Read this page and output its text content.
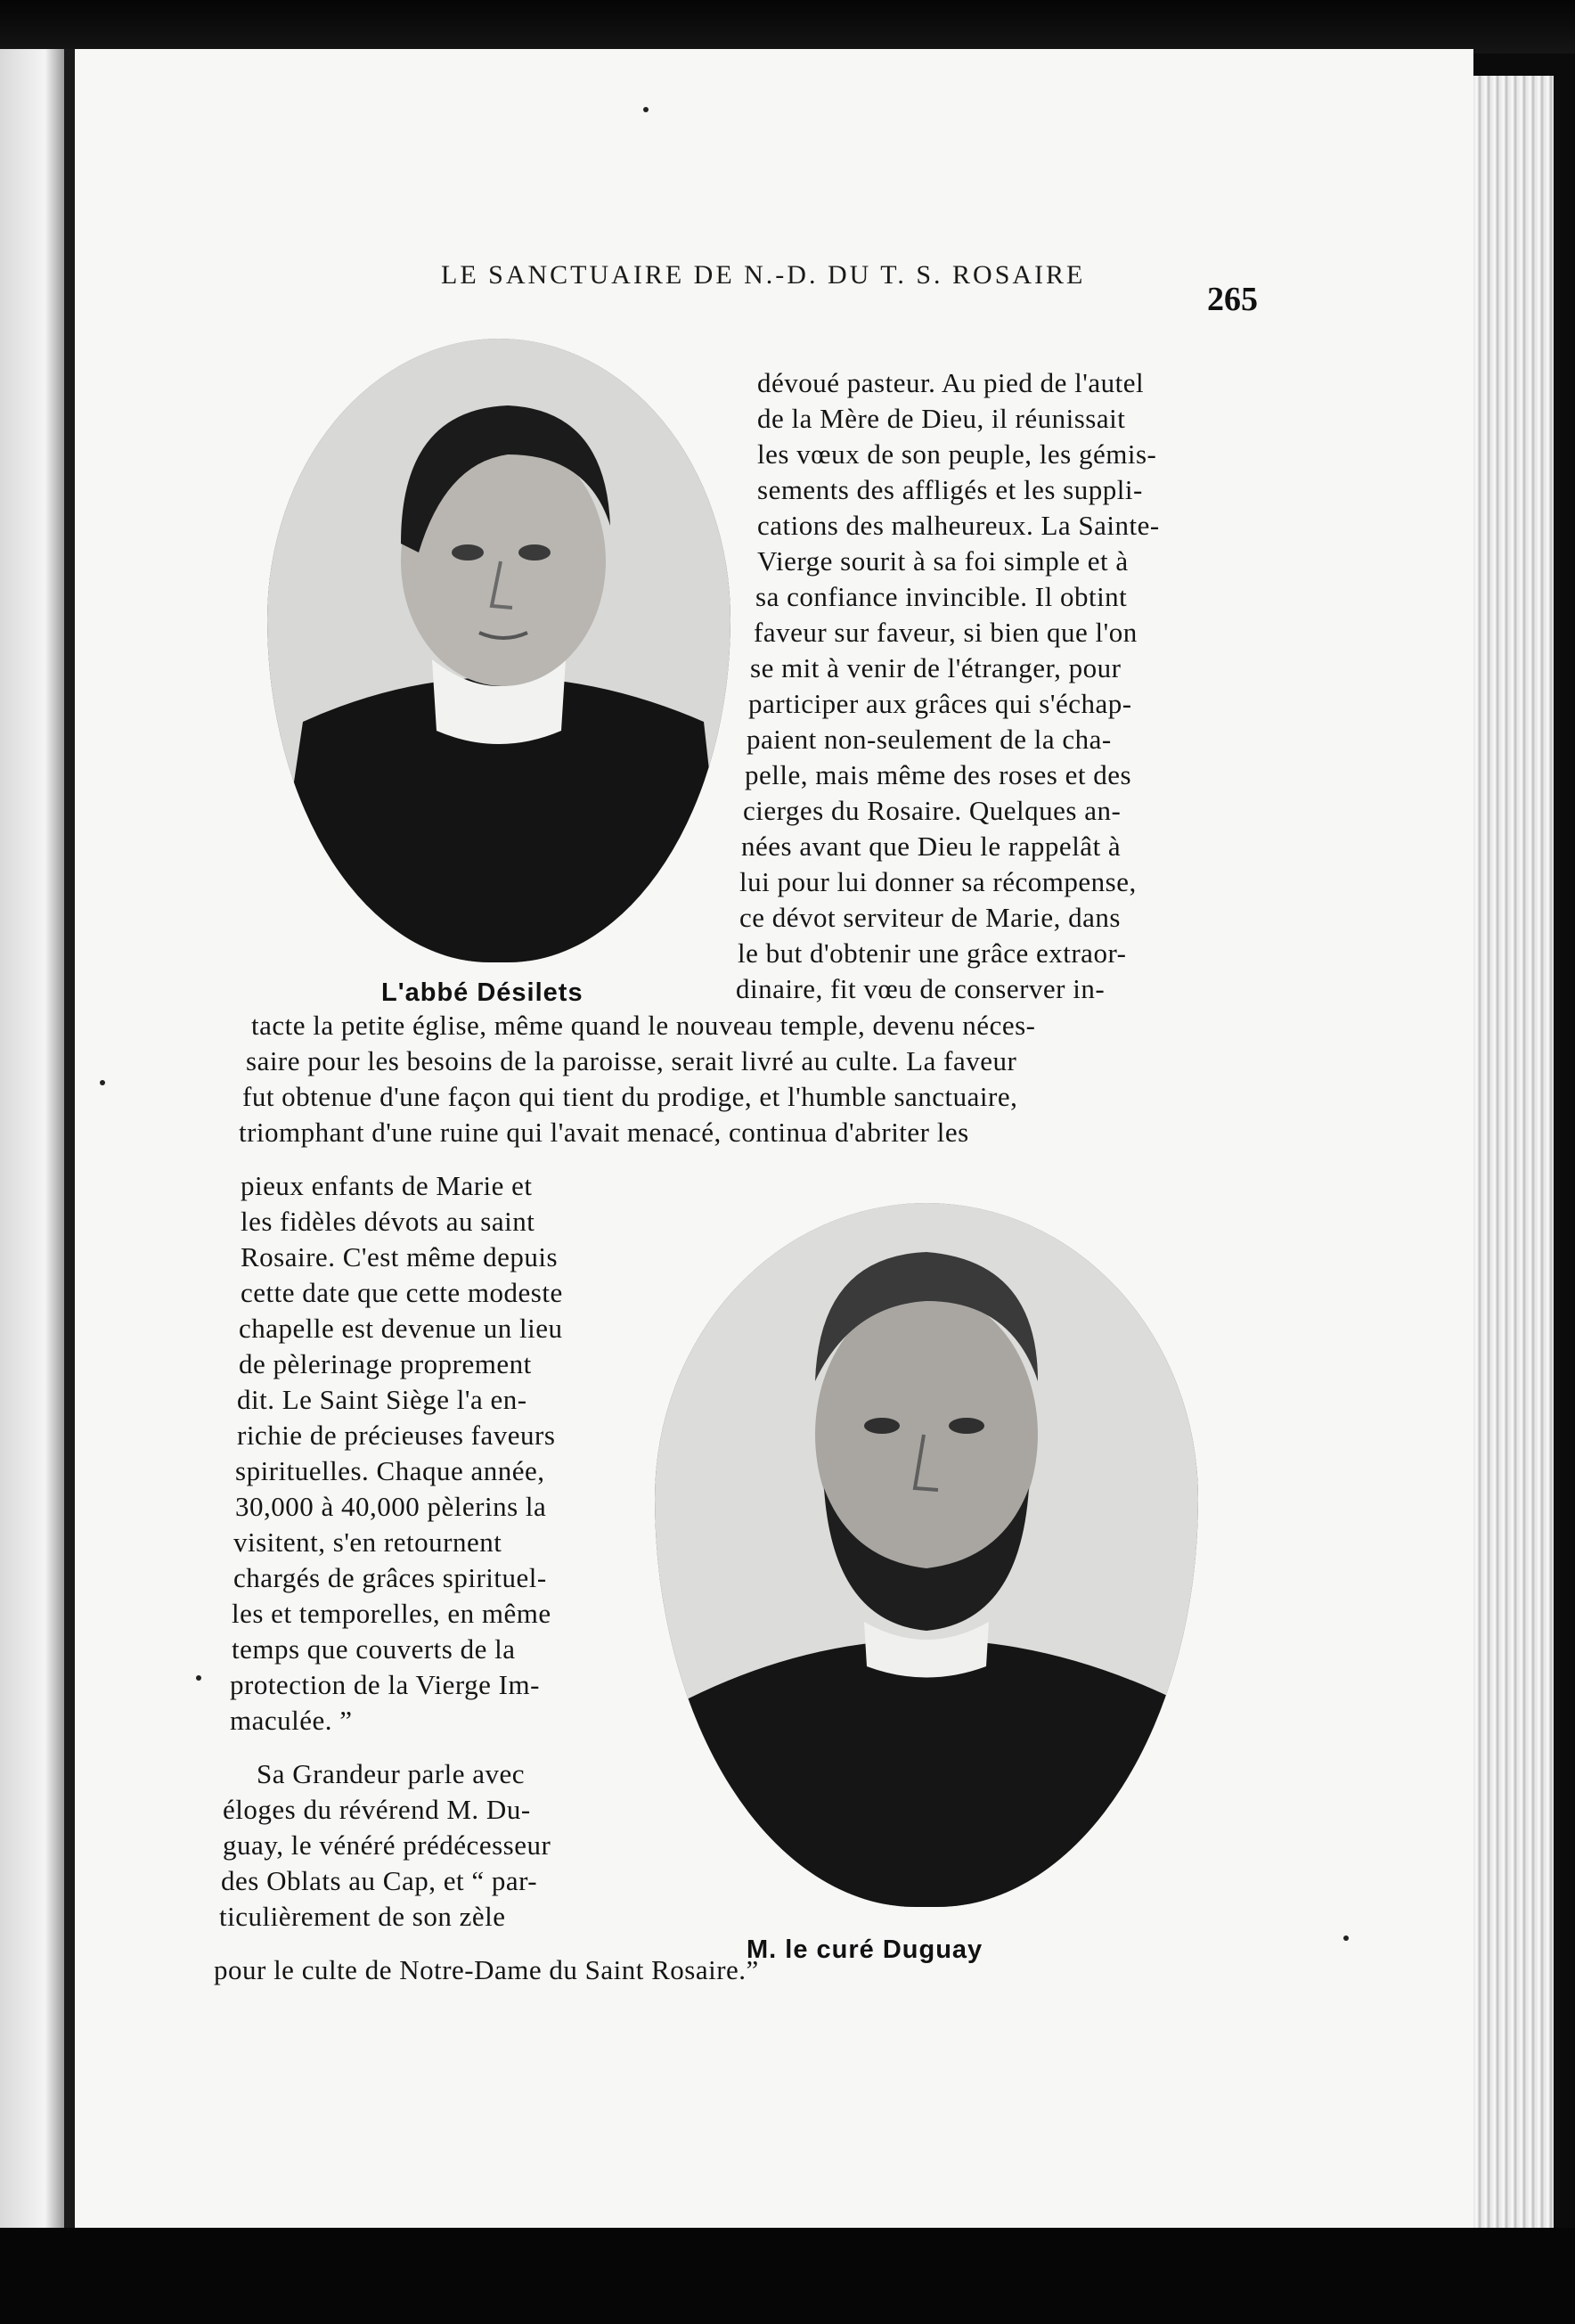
LE SANCTUAIRE DE N.-D. DU T. S. ROSAIRE
265
L'abbé Désilets
M. le curé Duguay
dévoué pasteur. Au pied de l'autel
de la Mère de Dieu, il réunissait
les vœux de son peuple, les gémis-
sements des affligés et les suppli-
cations des malheureux. La Sainte-
Vierge sourit à sa foi simple et à
sa confiance invincible. Il obtint
faveur sur faveur, si bien que l'on
se mit à venir de l'étranger, pour
participer aux grâces qui s'échap-
paient non-seulement de la cha-
pelle, mais même des roses et des
cierges du Rosaire. Quelques an-
nées avant que Dieu le rappelât à
lui pour lui donner sa récompense,
ce dévot serviteur de Marie, dans
le but d'obtenir une grâce extraor-
dinaire, fit vœu de conserver in-
tacte la petite église, même quand le nouveau temple, devenu néces-
saire pour les besoins de la paroisse, serait livré au culte. La faveur
fut obtenue d'une façon qui tient du prodige, et l'humble sanctuaire,
triomphant d'une ruine qui l'avait menacé, continua d'abriter les
pieux enfants de Marie et
les fidèles dévots au saint
Rosaire. C'est même depuis
cette date que cette modeste
chapelle est devenue un lieu
de pèlerinage proprement
dit. Le Saint Siège l'a en-
richie de précieuses faveurs
spirituelles. Chaque année,
30,000 à 40,000 pèlerins la
visitent, s'en retournent
chargés de grâces spirituel-
les et temporelles, en même
temps que couverts de la
protection de la Vierge Im-
maculée. ”
Sa Grandeur parle avec
éloges du révérend M. Du-
guay, le vénéré prédécesseur
des Oblats au Cap, et “ par-
ticulièrement de son zèle
pour le culte de Notre-Dame du Saint Rosaire.”
